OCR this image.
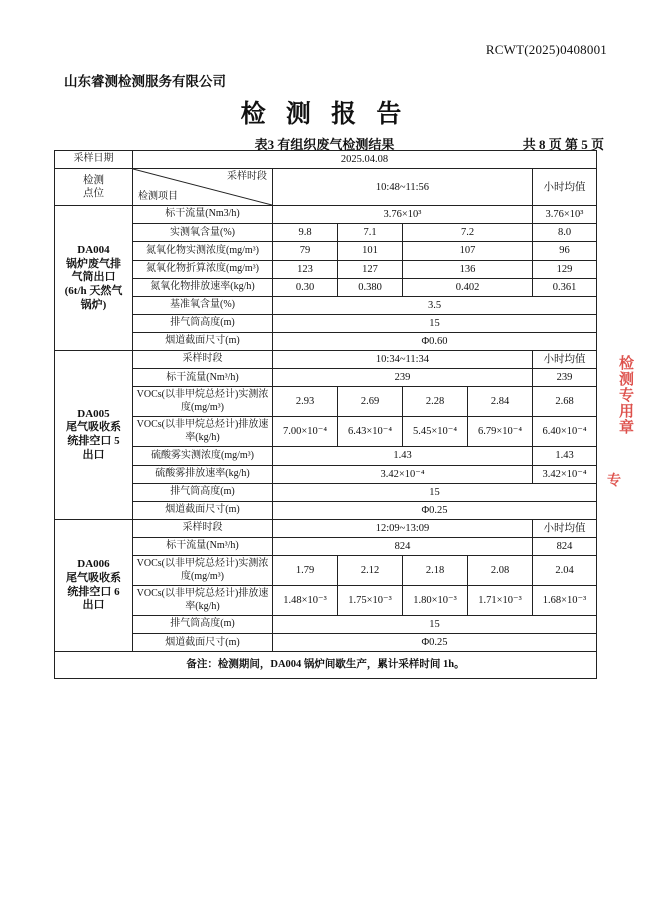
RCWT(2025)0408001
山东睿测检测服务有限公司
检 测 报 告
表3 有组织废气检测结果	共 8 页 第 5 页
采样日期	2025.04.08					

检测
点位

采样时段
检测项目
	10:48~11:56	小时均值

DA004
锅炉废气排
气筒出口
(6t/h 天然气
锅炉)	标干流量(Nm3/h)	3.76×10³				3.76×10³
	实测氧含量(%)	9.8	7.1	7.2		8.0
	氮氧化物实测浓度(mg/m³)	79	101	107		96
	氮氧化物折算浓度(mg/m³)	123	127	136		129
	氮氧化物排放速率(kg/h)	0.30	0.380	0.402		0.361
	基准氧含量(%)	3.5				
	排气筒高度(m)	15				
	烟道截面尺寸(m)	Φ0.60				

DA005
尾气吸收系
统排空口 5
出口	采样时段	10:34~11:34				小时均值
	标干流量(Nm³/h)	239				239
	VOCs(以非甲烷总烃计)实测浓度(mg/m³)	2.93	2.69	2.28	2.84	2.68
	VOCs(以非甲烷总烃计)排放速率(kg/h)	7.00×10⁻⁴	6.43×10⁻⁴	5.45×10⁻⁴	6.79×10⁻⁴	6.40×10⁻⁴
	硫酸雾实测浓度(mg/m³)	1.43				1.43
	硫酸雾排放速率(kg/h)	3.42×10⁻⁴				3.42×10⁻⁴
	排气筒高度(m)	15				
	烟道截面尺寸(m)	Φ0.25				

DA006
尾气吸收系
统排空口 6
出口	采样时段	12:09~13:09				小时均值
	标干流量(Nm³/h)	824				824
	VOCs(以非甲烷总烃计)实测浓度(mg/m³)	1.79	2.12	2.18	2.08	2.04
	VOCs(以非甲烷总烃计)排放速率(kg/h)	1.48×10⁻³	1.75×10⁻³	1.80×10⁻³	1.71×10⁻³	1.68×10⁻³
	排气筒高度(m)	15				
	烟道截面尺寸(m)	Φ0.25				
备注：检测期间，DA004 锅炉间歇生产，累计采样时间 1h。						
检测专用章
专
